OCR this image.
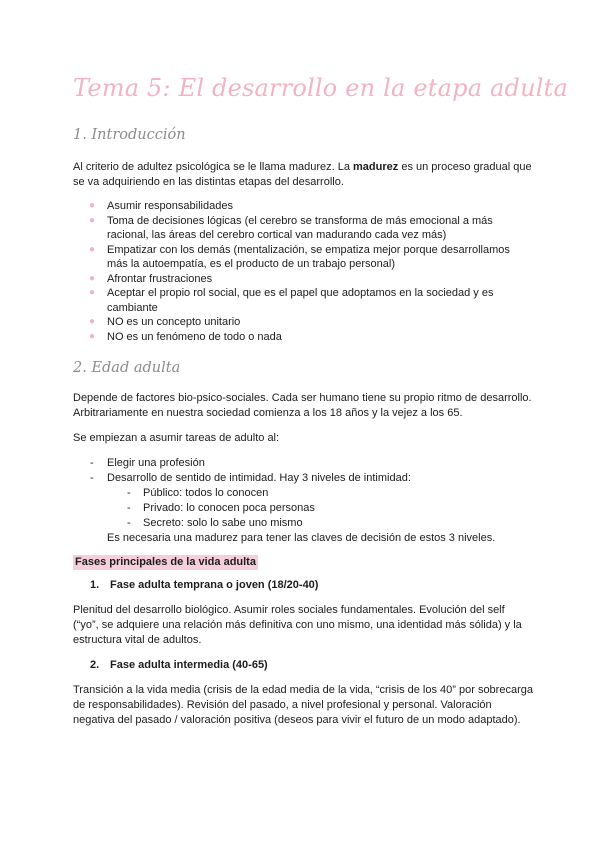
Tema 5: El desarrollo en la etapa adulta
1. Introducción

Al criterio de adultez psicológica se le llama madurez. La madurez es un proceso gradual que se va adquiriendo en las distintas etapas del desarrollo.

● Asumir responsabilidades
● Toma de decisiones lógicas (el cerebro se transforma de más emocional a más racional, las áreas del cerebro cortical van madurando cada vez más)
● Empatizar con los demás (mentalización, se empatiza mejor porque desarrollamos más la autoempatía, es el producto de un trabajo personal)
● Afrontar frustraciones
● Aceptar el propio rol social, que es el papel que adoptamos en la sociedad y es cambiante
● NO es un concepto unitario
● NO es un fenómeno de todo o nada
2. Edad adulta

Depende de factores bio-psico-sociales. Cada ser humano tiene su propio ritmo de desarrollo. Arbitrariamente en nuestra sociedad comienza a los 18 años y la vejez a los 65.

Se empiezan a asumir tareas de adulto al:

- Elegir una profesión
- Desarrollo de sentido de intimidad. Hay 3 niveles de intimidad:
- Público: todos lo conocen
- Privado: lo conocen poca personas
- Secreto: solo lo sabe uno mismo
Es necesaria una madurez para tener las claves de decisión de estos 3 niveles.
Fases principales de la vida adulta
1. Fase adulta temprana o joven (18/20-40)

Plenitud del desarrollo biológico. Asumir roles sociales fundamentales. Evolución del self (“yo”, se adquiere una relación más definitiva con uno mismo, una identidad más sólida) y la estructura vital de adultos.

2. Fase adulta intermedia (40-65)

Transición a la vida media (crisis de la edad media de la vida, “crisis de los 40” por sobrecarga de responsabilidades). Revisión del pasado, a nivel profesional y personal. Valoración negativa del pasado / valoración positiva (deseos para vivir el futuro de un modo adaptado).
